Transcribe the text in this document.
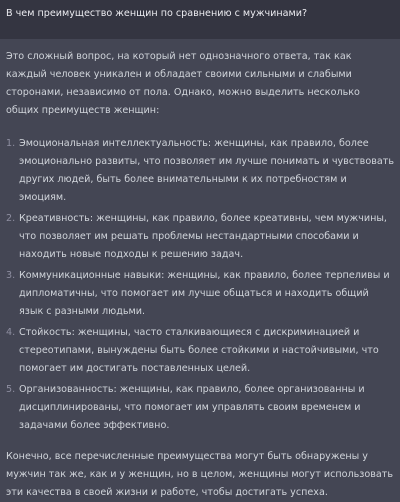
В чем преимущество женщин по сравнению с мужчинами?

Это сложный вопрос, на который нет однозначного ответа, так как каждый человек уникален и обладает своими сильными и слабыми сторонами, независимо от пола. Однако, можно выделить несколько общих преимуществ женщин:

1. Эмоциональная интеллектуальность: женщины, как правило, более эмоционально развиты, что позволяет им лучше понимать и чувствовать других людей, быть более внимательными к их потребностям и эмоциям.
2. Креативность: женщины, как правило, более креативны, чем мужчины, что позволяет им решать проблемы нестандартными способами и находить новые подходы к решению задач.
3. Коммуникационные навыки: женщины, как правило, более терпеливы и дипломатичны, что помогает им лучше общаться и находить общий язык с разными людьми.
4. Стойкость: женщины, часто сталкивающиеся с дискриминацией и стереотипами, вынуждены быть более стойкими и настойчивыми, что помогает им достигать поставленных целей.
5. Организованность: женщины, как правило, более организованны и дисциплинированы, что помогает им управлять своим временем и задачами более эффективно.

Конечно, все перечисленные преимущества могут быть обнаружены у мужчин так же, как и у женщин, но в целом, женщины могут использовать эти качества в своей жизни и работе, чтобы достигать успеха.
